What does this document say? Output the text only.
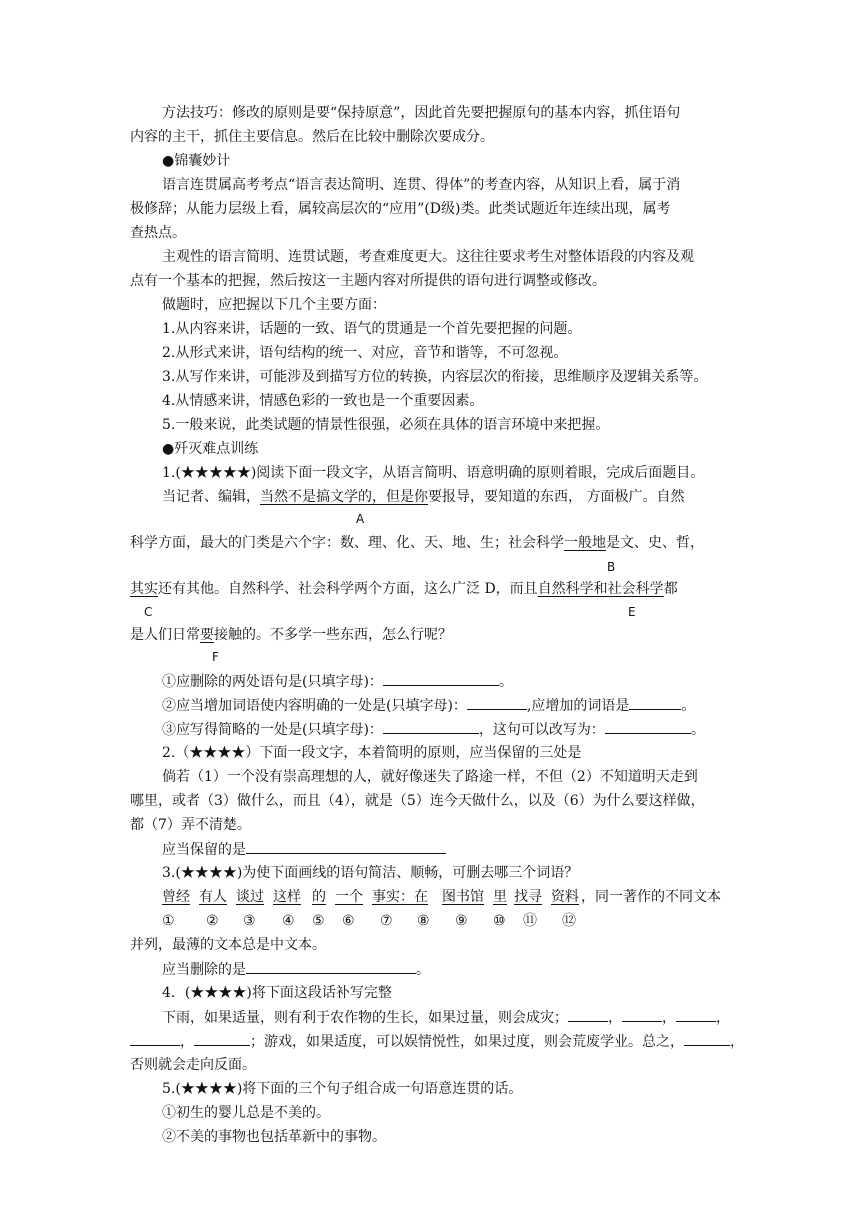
方法技巧：修改的原则是要“保持原意”，因此首先要把握原句的基本内容，抓住语句
内容的主干，抓住主要信息。然后在比较中删除次要成分。
●锦囊妙计
语言连贯属高考考点“语言表达简明、连贯、得体”的考查内容，从知识上看，属于消
极修辞；从能力层级上看，属较高层次的“应用”(D级)类。此类试题近年连续出现，属考
查热点。
主观性的语言简明、连贯试题，考查难度更大。这往往要求考生对整体语段的内容及观
点有一个基本的把握，然后按这一主题内容对所提供的语句进行调整或修改。
做题时，应把握以下几个主要方面：
1.从内容来讲，话题的一致、语气的贯通是一个首先要把握的问题。
2.从形式来讲，语句结构的统一、对应，音节和谐等，不可忽视。
3.从写作来讲，可能涉及到描写方位的转换，内容层次的衔接，思维顺序及逻辑关系等。
4.从情感来讲，情感色彩的一致也是一个重要因素。
5.一般来说，此类试题的情景性很强，必须在具体的语言环境中来把握。
●歼灭难点训练
1.(★★★★★)阅读下面一段文字，从语言简明、语意明确的原则着眼，完成后面题目。
当记者、编辑，当然不是搞文学的，但是你要报导，要知道的东西， 方面极广。自然
A
科学方面，最大的门类是六个字：数、理、化、天、地、生；社会科学一般地是文、史、哲，
B
其实还有其他。自然科学、社会科学两个方面，这么广泛 D，而且自然科学和社会科学都
C	E
是人们日常要接触的。不多学一些东西，怎么行呢？
F
①应删除的两处语句是(只填字母)：	。
②应当增加词语使内容明确的一处是(只填字母)：	,应增加的词语是	。
③应写得简略的一处是(只填字母)：	，这句可以改写为：	。
2.（★★★★）下面一段文字，本着简明的原则，应当保留的三处是
倘若（1）一个没有崇高理想的人，就好像迷失了路途一样，不但（2）不知道明天走到
哪里，或者（3）做什么，而且（4），就是（5）连今天做什么，以及（6）为什么要这样做，
都（7）弄不清楚。
应当保留的是
3.(★★★★)为使下面画线的语句简洁、顺畅，可删去哪三个词语？
曾经 有人 谈过 这样 的 一个 事实：在 图书馆 里 找寻 资料 ，同一著作的不同文本
① ② ③ ④ ⑤ ⑥ ⑦ ⑧ ⑨ ⑩ ⑪ ⑫
并列，最薄的文本总是中文本。
应当删除的是	。
4．(★★★★)将下面这段话补写完整
下雨，如果适量，则有利于农作物的生长，如果过量，则会成灾；	，	，	，
，	；游戏，如果适度，可以娱情悦性，如果过度，则会荒废学业。总之，	，
否则就会走向反面。
5.(★★★★)将下面的三个句子组合成一句语意连贯的话。
①初生的婴儿总是不美的。
②不美的事物也包括革新中的事物。
